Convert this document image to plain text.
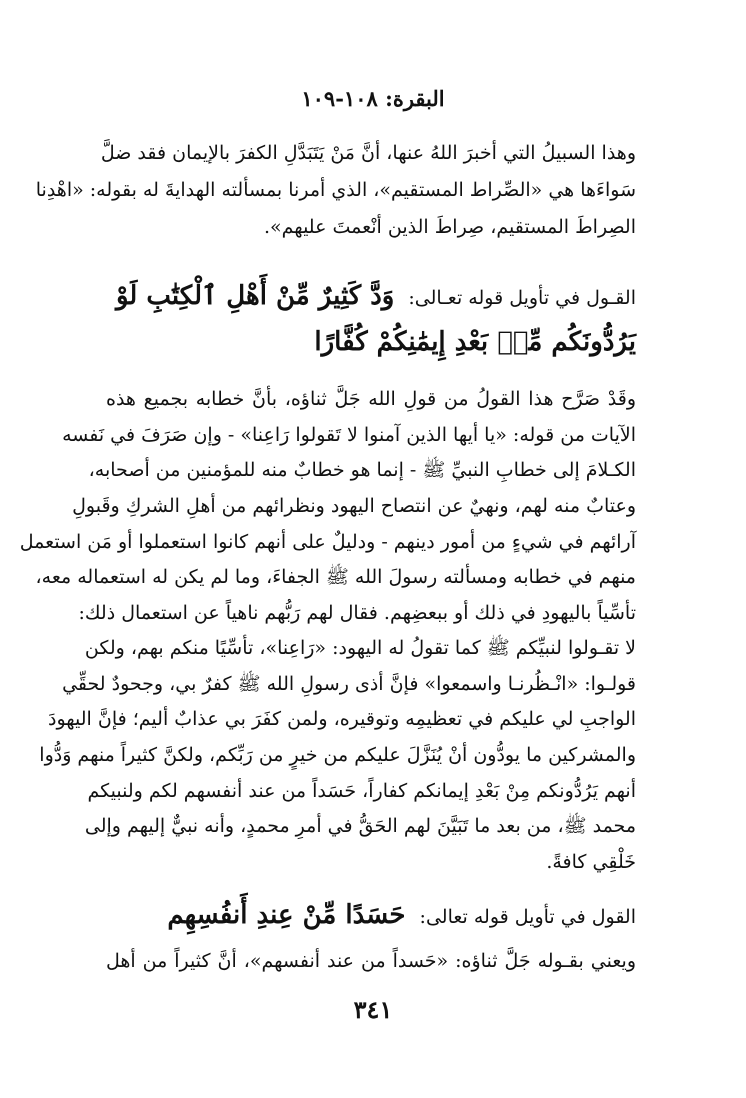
البقرة: ١٠٨-١٠٩
وهذا السبيلُ التي أخبرَ اللهُ عنها، أنَّ مَنْ يَتَبَدَّلِ الكفرَ بالإيمان فقد ضلَّ
سَواءَها هي «الصِّراط المستقيم»، الذي أمرنا بمسألته الهدايةَ له بقوله: «اهْدِنا
الصِراطَ المستقيم، صِراطَ الذين أنْعمتَ عليهم».
القـول في تأويل قوله تعـالى: وَدَّ كَثِيرٌ مِّنْ أَهْلِ ٱلْكِتَٰبِ لَوْ
يَرُدُّونَكُم مِّنۢ بَعْدِ إِيمَٰنِكُمْ كُفَّارًا
وقَدْ صَرَّح هذا القولُ من قولِ الله جَلَّ ثناؤه، بأنَّ خطابه بجميع هذه
الآيات من قوله: «يا أيها الذين آمنوا لا تَقولوا رَاعِنا» - وإن صَرَفَ في نَفسه
الكـلامَ إلى خطابِ النبيِّ ﷺ - إنما هو خطابٌ منه للمؤمنين من أصحابه،
وعتابٌ منه لهم، ونهيٌ عن انتصاح اليهود ونظرائهم من أهلِ الشركِ وقَبولِ
آرائهم في شيءٍ من أمور دينهم - ودليلٌ على أنهم كانوا استعملوا أو مَن استعمل
منهم في خطابه ومسألته رسولَ الله ﷺ الجفاءَ، وما لم يكن له استعماله معه،
تأسِّياً باليهودِ في ذلك أو ببعضِهم. فقال لهم رَبُّهم ناهياً عن استعمال ذلك:
لا تقـولوا لنبيِّكم ﷺ كما تقولُ له اليهود: «رَاعِنا»، تأسِّيًا منكم بهم، ولكن
قولـوا: «انْـظُرنـا واسمعوا» فإنَّ أذى رسولِ الله ﷺ كفرٌ بي، وجحودٌ لحقِّي
الواجبِ لي عليكم في تعظيمِه وتوقيره، ولمن كفَرَ بي عذابٌ أليم؛ فإنَّ اليهودَ
والمشركين ما يودُّون أنْ يُنَزَّلَ عليكم من خيرٍ من رَبِّكم، ولكنَّ كثيراً منهم وَدُّوا
أنهم يَرُدُّونكم مِنْ بَعْدِ إيمانكم كفاراً، حَسَداً من عند أنفسهم لكم ولنبيكم
محمد ﷺ، من بعد ما تَبَيَّنَ لهم الحَقُّ في أمرِ محمدٍ، وأنه نبيٌّ إليهم وإلى
خَلْقِي كافةً.
القول في تأويل قوله تعالى: حَسَدًا مِّنْ عِندِ أَنفُسِهِم
ويعني بقـوله جَلَّ ثناؤه: «حَسداً من عند أنفسهم»، أنَّ كثيراً من أهل
٣٤١
